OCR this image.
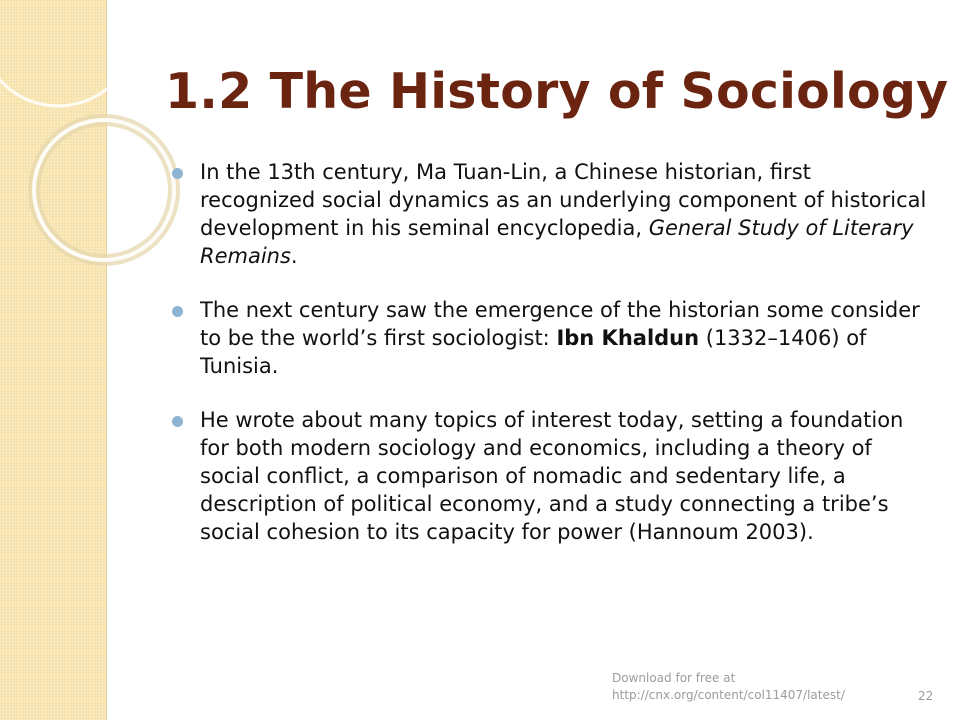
1.2 The History of Sociology
In the 13th century, Ma Tuan-Lin, a Chinese historian, first recognized social dynamics as an underlying component of historical development in his seminal encyclopedia, General Study of Literary Remains.
The next century saw the emergence of the historian some consider to be the world’s first sociologist: Ibn Khaldun (1332–1406) of Tunisia.
He wrote about many topics of interest today, setting a foundation for both modern sociology and economics, including a theory of social conflict, a comparison of nomadic and sedentary life, a description of political economy, and a study connecting a tribe’s social cohesion to its capacity for power (Hannoum 2003).
Download for free at
http://cnx.org/content/col11407/latest/	22
